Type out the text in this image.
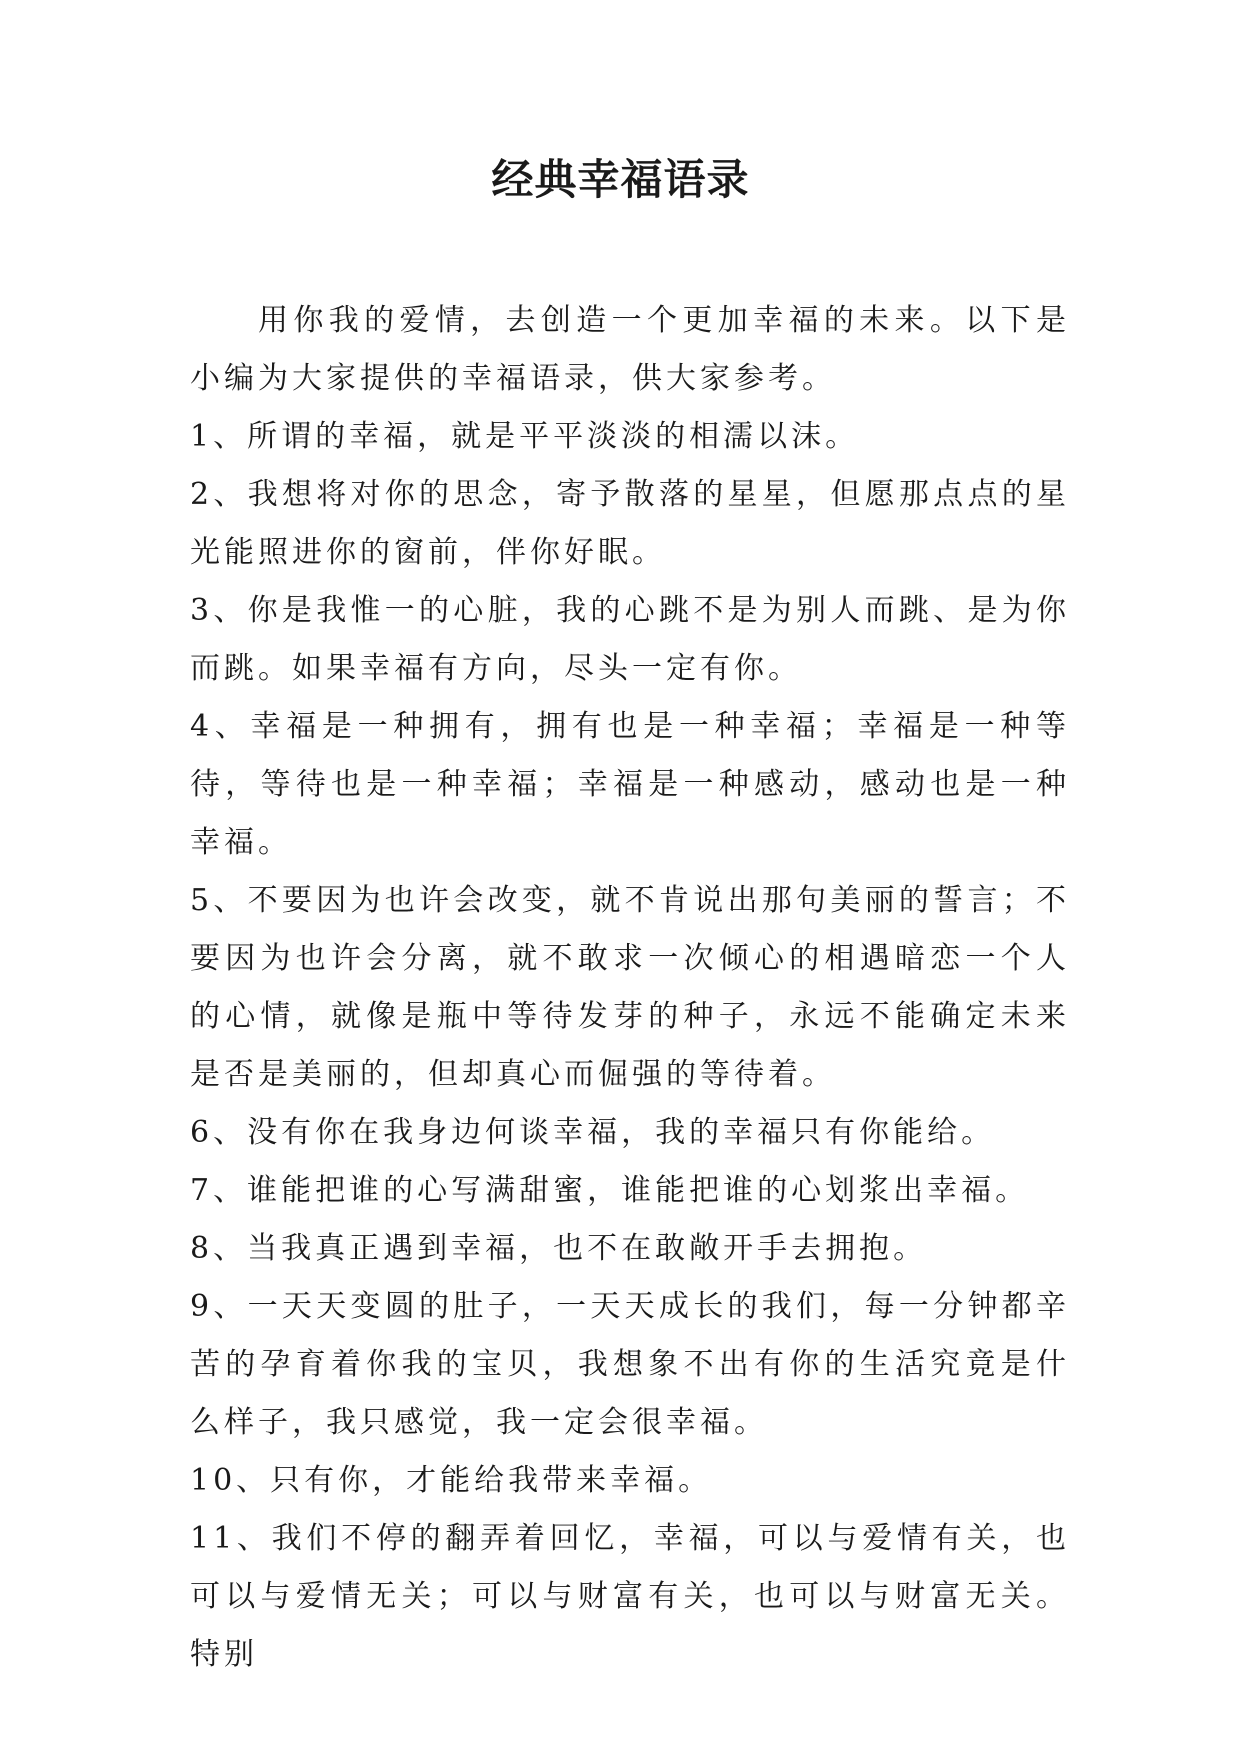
经典幸福语录

用你我的爱情，去创造一个更加幸福的未来。以下是小编为大家提供的幸福语录，供大家参考。

1、所谓的幸福，就是平平淡淡的相濡以沫。

2、我想将对你的思念，寄予散落的星星，但愿那点点的星光能照进你的窗前，伴你好眠。

3、你是我惟一的心脏，我的心跳不是为别人而跳、是为你而跳。如果幸福有方向，尽头一定有你。

4、幸福是一种拥有，拥有也是一种幸福；幸福是一种等待，等待也是一种幸福；幸福是一种感动，感动也是一种幸福。

5、不要因为也许会改变，就不肯说出那句美丽的誓言；不要因为也许会分离，就不敢求一次倾心的相遇暗恋一个人的心情，就像是瓶中等待发芽的种子，永远不能确定未来是否是美丽的，但却真心而倔强的等待着。

6、没有你在我身边何谈幸福，我的幸福只有你能给。

7、谁能把谁的心写满甜蜜，谁能把谁的心划浆出幸福。

8、当我真正遇到幸福，也不在敢敞开手去拥抱。

9、一天天变圆的肚子，一天天成长的我们，每一分钟都辛苦的孕育着你我的宝贝，我想象不出有你的生活究竟是什么样子，我只感觉，我一定会很幸福。

10、只有你，才能给我带来幸福。

11、我们不停的翻弄着回忆，幸福，可以与爱情有关，也可以与爱情无关；可以与财富有关，也可以与财富无关。特别
